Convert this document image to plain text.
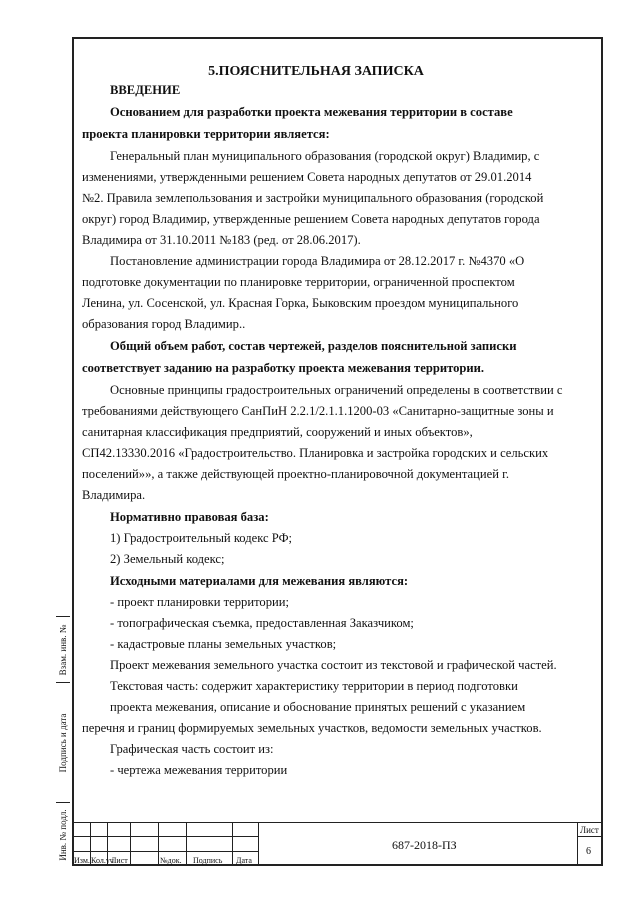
5.ПОЯСНИТЕЛЬНАЯ ЗАПИСКА
ВВЕДЕНИЕ
Основанием для разработки проекта межевания территории в составе
проекта планировки территории является:
Генеральный план муниципального образования (городской округ) Владимир, с
изменениями, утвержденными решением Совета народных депутатов от 29.01.2014
№2. Правила землепользования и застройки муниципального образования (городской
округ) город Владимир, утвержденные решением Совета народных депутатов города
Владимира от 31.10.2011 №183 (ред. от 28.06.2017).
Постановление администрации города Владимира от 28.12.2017 г. №4370 «О
подготовке документации по планировке территории, ограниченной проспектом
Ленина, ул. Сосенской, ул. Красная Горка, Быковским проездом муниципального
образования город Владимир..
Общий объем работ, состав чертежей, разделов пояснительной записки
соответствует заданию на разработку проекта межевания территории.
Основные принципы градостроительных ограничений определены в соответствии с
требованиями действующего СанПиН 2.2.1/2.1.1.1200-03 «Санитарно-защитные зоны и
санитарная классификация предприятий, сооружений и иных объектов»,
СП42.13330.2016 «Градостроительство. Планировка и застройка городских и сельских
поселений»», а также действующей проектно-планировочной документацией г.
Владимира.
Нормативно правовая база:
1) Градостроительный кодекс РФ;
2) Земельный кодекс;
Исходными материалами для межевания являются:
- проект планировки территории;
- топографическая съемка, предоставленная Заказчиком;
- кадастровые планы земельных участков;
Проект межевания земельного участка состоит из текстовой и графической частей.
Текстовая часть: содержит характеристику территории в период подготовки
проекта межевания, описание и обоснование принятых решений с указанием
перечня и границ формируемых земельных участков, ведомости земельных участков.
Графическая часть состоит из:
- чертежа межевания территории
Взам. инв. №
Подпись и дата
Инв. № подл.
Изм. Кол.уч
Лист	№док. Подпись Дата
687-2018-ПЗ
Лист
6
